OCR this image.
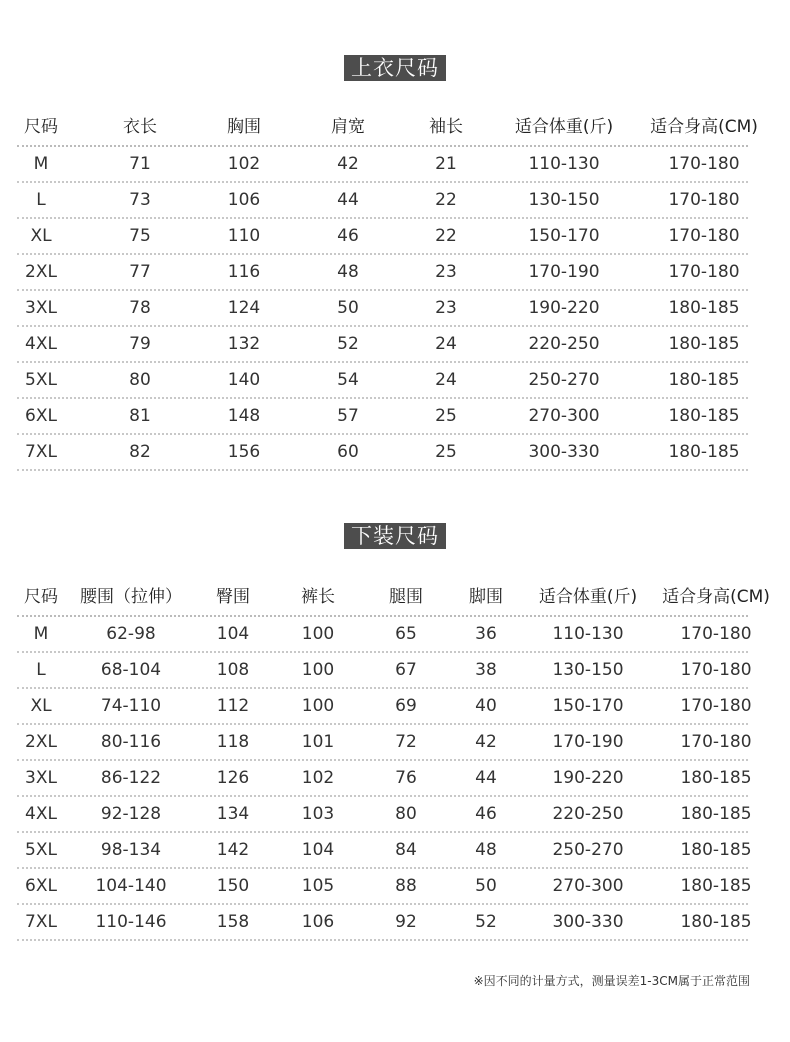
上衣尺码
尺码	衣长	胸围	肩宽	袖长	适合体重(斤)	适合身高(CM)
M	71	102	42	21	110-130	170-180
L	73	106	44	22	130-150	170-180
XL	75	110	46	22	150-170	170-180
2XL	77	116	48	23	170-190	170-180
3XL	78	124	50	23	190-220	180-185
4XL	79	132	52	24	220-250	180-185
5XL	80	140	54	24	250-270	180-185
6XL	81	148	57	25	270-300	180-185
7XL	82	156	60	25	300-330	180-185
下装尺码
尺码	腰围（拉伸）	臀围	裤长	腿围	脚围	适合体重(斤)	适合身高(CM)
M	62-98	104	100	65	36	110-130	170-180
L	68-104	108	100	67	38	130-150	170-180
XL	74-110	112	100	69	40	150-170	170-180
2XL	80-116	118	101	72	42	170-190	170-180
3XL	86-122	126	102	76	44	190-220	180-185
4XL	92-128	134	103	80	46	220-250	180-185
5XL	98-134	142	104	84	48	250-270	180-185
6XL	104-140	150	105	88	50	270-300	180-185
7XL	110-146	158	106	92	52	300-330	180-185
※因不同的计量方式，测量误差1-3CM属于正常范围
